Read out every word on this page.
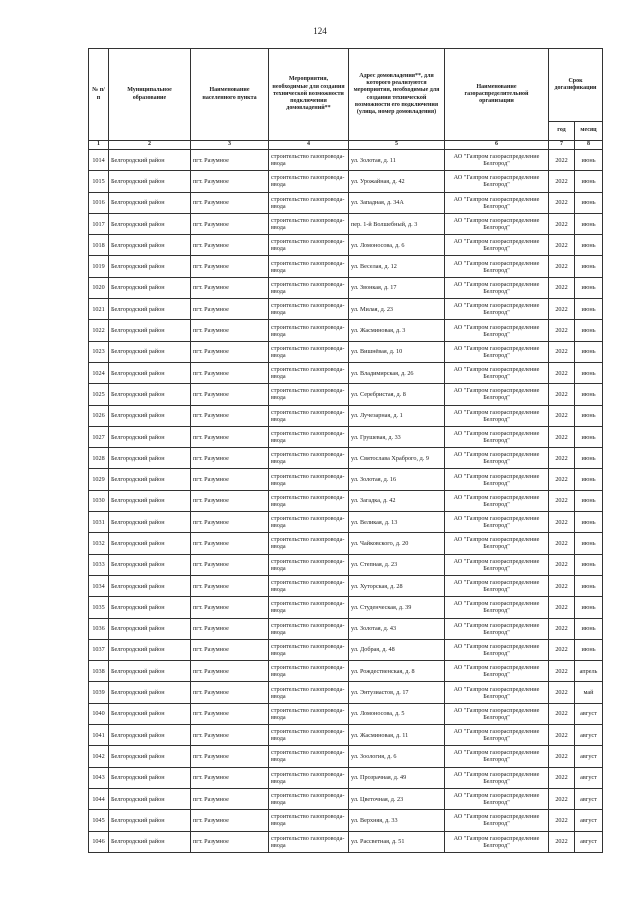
124
№ п/п	Муниципальное образование	Наименование населенного пункта	Мероприятия, необходимые для создания технической возможности подключения домовладений**	Адрес домовладения**, для которого реализуются мероприятия, необходимые для создания технической возможности его подключения (улица, номер домовладения)	Наименование газораспределительной организации	Срок догазификации	
						год	месяц
1	2	3	4	5	6	7	8
1014	Белгородский район	пгт. Разумное	строительство газопровода-ввода	ул. Золотая, д. 11	АО "Газпром газораспределение Белгород"	2022	июнь
1015	Белгородский район	пгт. Разумное	строительство газопровода-ввода	ул. Урожайная, д. 42	АО "Газпром газораспределение Белгород"	2022	июнь
1016	Белгородский район	пгт. Разумное	строительство газопровода-ввода	ул. Западная, д. 34А	АО "Газпром газораспределение Белгород"	2022	июнь
1017	Белгородский район	пгт. Разумное	строительство газопровода-ввода	пер. 1-й Волшебный, д. 3	АО "Газпром газораспределение Белгород"	2022	июнь
1018	Белгородский район	пгт. Разумное	строительство газопровода-ввода	ул. Ломоносова, д. 6	АО "Газпром газораспределение Белгород"	2022	июнь
1019	Белгородский район	пгт. Разумное	строительство газопровода-ввода	ул. Веселая, д. 12	АО "Газпром газораспределение Белгород"	2022	июнь
1020	Белгородский район	пгт. Разумное	строительство газопровода-ввода	ул. Звонкая, д. 17	АО "Газпром газораспределение Белгород"	2022	июнь
1021	Белгородский район	пгт. Разумное	строительство газопровода-ввода	ул. Милая, д. 23	АО "Газпром газораспределение Белгород"	2022	июнь
1022	Белгородский район	пгт. Разумное	строительство газопровода-ввода	ул. Жасминовая, д. 3	АО "Газпром газораспределение Белгород"	2022	июнь
1023	Белгородский район	пгт. Разумное	строительство газопровода-ввода	ул. Вишнёвая, д. 10	АО "Газпром газораспределение Белгород"	2022	июнь
1024	Белгородский район	пгт. Разумное	строительство газопровода-ввода	ул. Владимирская, д. 26	АО "Газпром газораспределение Белгород"	2022	июнь
1025	Белгородский район	пгт. Разумное	строительство газопровода-ввода	ул. Серебристая, д. 8	АО "Газпром газораспределение Белгород"	2022	июнь
1026	Белгородский район	пгт. Разумное	строительство газопровода-ввода	ул. Лучезарная, д. 1	АО "Газпром газораспределение Белгород"	2022	июнь
1027	Белгородский район	пгт. Разумное	строительство газопровода-ввода	ул. Грушевая, д. 33	АО "Газпром газораспределение Белгород"	2022	июнь
1028	Белгородский район	пгт. Разумное	строительство газопровода-ввода	ул. Святослава Храброго, д. 9	АО "Газпром газораспределение Белгород"	2022	июнь
1029	Белгородский район	пгт. Разумное	строительство газопровода-ввода	ул. Золотая, д. 16	АО "Газпром газораспределение Белгород"	2022	июнь
1030	Белгородский район	пгт. Разумное	строительство газопровода-ввода	ул. Загадка, д. 42	АО "Газпром газораспределение Белгород"	2022	июнь
1031	Белгородский район	пгт. Разумное	строительство газопровода-ввода	ул. Великая, д. 13	АО "Газпром газораспределение Белгород"	2022	июнь
1032	Белгородский район	пгт. Разумное	строительство газопровода-ввода	ул. Чайковского, д. 20	АО "Газпром газораспределение Белгород"	2022	июнь
1033	Белгородский район	пгт. Разумное	строительство газопровода-ввода	ул. Степная, д. 23	АО "Газпром газораспределение Белгород"	2022	июнь
1034	Белгородский район	пгт. Разумное	строительство газопровода-ввода	ул. Хуторская, д. 28	АО "Газпром газораспределение Белгород"	2022	июнь
1035	Белгородский район	пгт. Разумное	строительство газопровода-ввода	ул. Студенческая, д. 39	АО "Газпром газораспределение Белгород"	2022	июнь
1036	Белгородский район	пгт. Разумное	строительство газопровода-ввода	ул. Золотая, д. 43	АО "Газпром газораспределение Белгород"	2022	июнь
1037	Белгородский район	пгт. Разумное	строительство газопровода-ввода	ул. Добрая, д. 48	АО "Газпром газораспределение Белгород"	2022	июнь
1038	Белгородский район	пгт. Разумное	строительство газопровода-ввода	ул. Рождественская, д. 8	АО "Газпром газораспределение Белгород"	2022	апрель
1039	Белгородский район	пгт. Разумное	строительство газопровода-ввода	ул. Энтузиастов, д. 17	АО "Газпром газораспределение Белгород"	2022	май
1040	Белгородский район	пгт. Разумное	строительство газопровода-ввода	ул. Ломоносова, д. 5	АО "Газпром газораспределение Белгород"	2022	август
1041	Белгородский район	пгт. Разумное	строительство газопровода-ввода	ул. Жасминовая, д. 11	АО "Газпром газораспределение Белгород"	2022	август
1042	Белгородский район	пгт. Разумное	строительство газопровода-ввода	ул. Зоология, д. 6	АО "Газпром газораспределение Белгород"	2022	август
1043	Белгородский район	пгт. Разумное	строительство газопровода-ввода	ул. Прозрачная, д. 49	АО "Газпром газораспределение Белгород"	2022	август
1044	Белгородский район	пгт. Разумное	строительство газопровода-ввода	ул. Цветочная, д. 23	АО "Газпром газораспределение Белгород"	2022	август
1045	Белгородский район	пгт. Разумное	строительство газопровода-ввода	ул. Верхняя, д. 33	АО "Газпром газораспределение Белгород"	2022	август
1046	Белгородский район	пгт. Разумное	строительство газопровода-ввода	ул. Рассветная, д. 51	АО "Газпром газораспределение Белгород"	2022	август
